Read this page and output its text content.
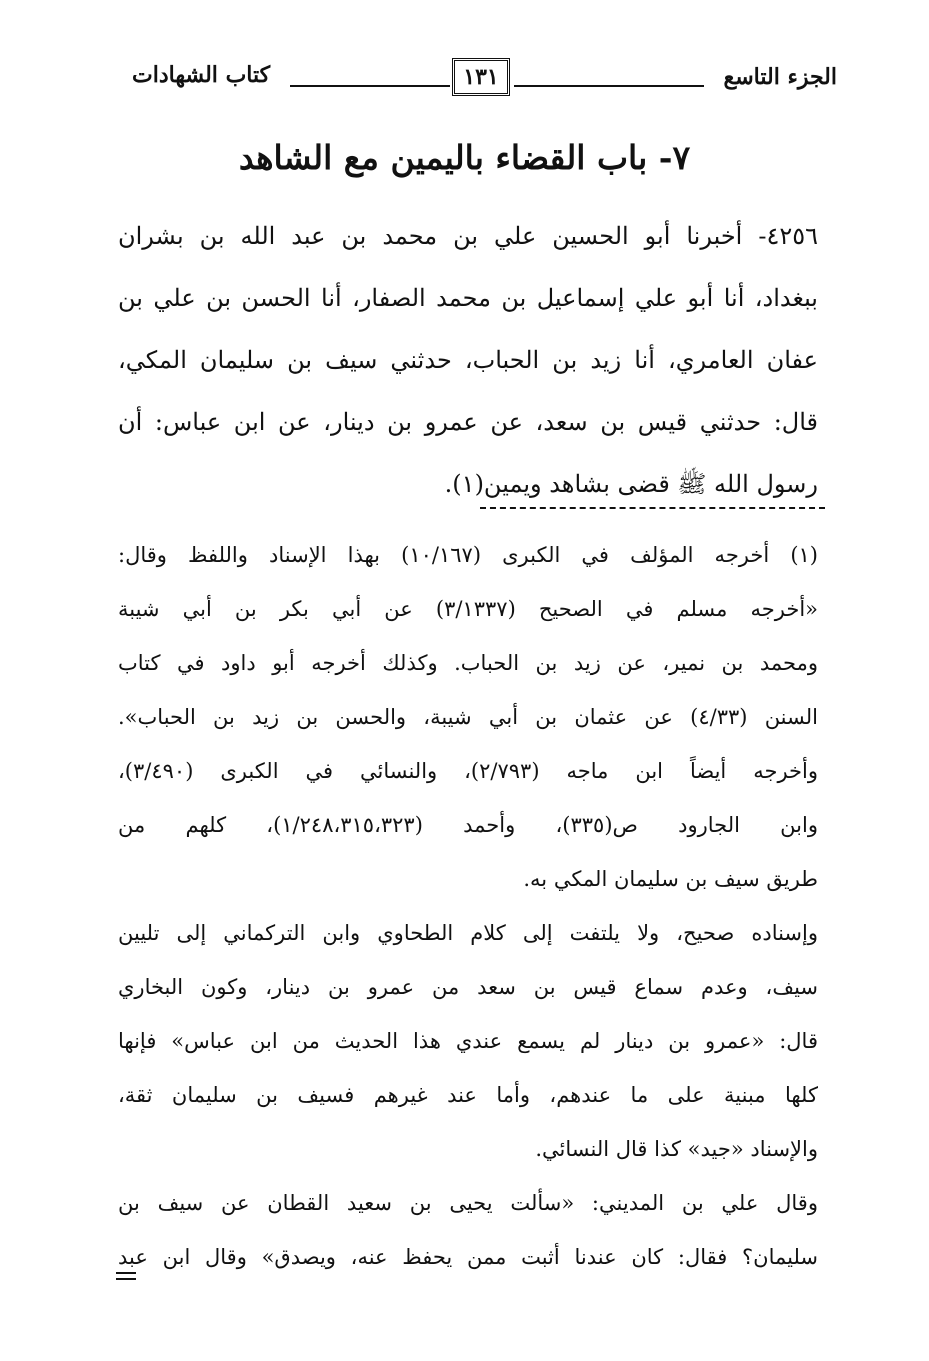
كتاب الشهادات	١٣١	الجزء التاسع
٧- باب القضاء باليمين مع الشاهد

٤٢٥٦- أخبرنا أبو الحسين علي بن محمد بن عبد الله بن بشران

ببغداد، أنا أبو علي إسماعيل بن محمد الصفار، أنا الحسن بن علي بن

عفان العامري، أنا زيد بن الحباب، حدثني سيف بن سليمان المكي،

قال: حدثني قيس بن سعد، عن عمرو بن دينار، عن ابن عباس: أن

رسول الله ﷺ قضى بشاهد ويمين(١).

(١) أخرجه المؤلف في الكبرى (١٠/١٦٧) بهذا الإسناد واللفظ وقال:

«أخرجه مسلم في الصحيح (٣/١٣٣٧) عن أبي بكر بن أبي شيبة

ومحمد بن نمير، عن زيد بن الحباب. وكذلك أخرجه أبو داود في كتاب

السنن (٤/٣٣) عن عثمان بن أبي شيبة، والحسن بن زيد بن الحباب».

وأخرجه أيضاً ابن ماجه (٢/٧٩٣)، والنسائي في الكبرى (٣/٤٩٠)،

وابن الجارود ص(٣٣٥)، وأحمد (١/٢٤٨،٣١٥،٣٢٣)، كلهم من

طريق سيف بن سليمان المكي به.

وإسناده صحيح، ولا يلتفت إلى كلام الطحاوي وابن التركماني إلى تليين

سيف، وعدم سماع قيس بن سعد من عمرو بن دينار، وكون البخاري

قال: «عمرو بن دينار لم يسمع عندي هذا الحديث من ابن عباس» فإنها

كلها مبنية على ما عندهم، وأما عند غيرهم فسيف بن سليمان ثقة،

والإسناد «جيد» كذا قال النسائي.

وقال علي بن المديني: «سألت يحيى بن سعيد القطان عن سيف بن

سليمان؟ فقال: كان عندنا أثبت ممن يحفظ عنه، ويصدق» وقال ابن عبد
